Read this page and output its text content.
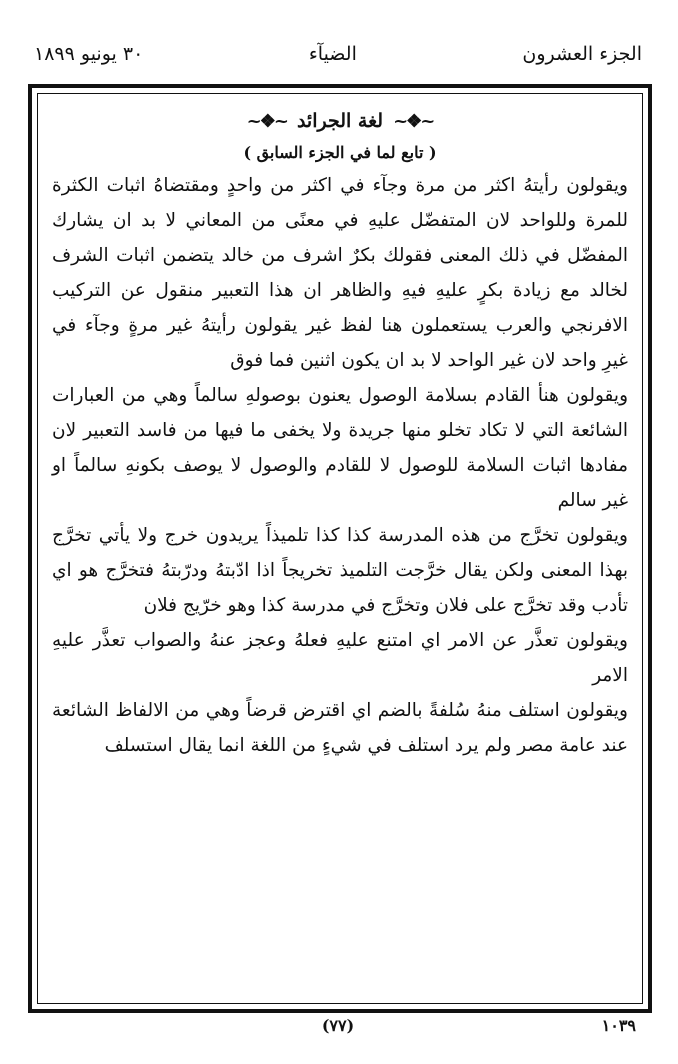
الجزء العشرون
الضيآء
٣٠ يونيو ١٨٩٩
~❖~
لغة الجرائد
~❖~
( تابع لما في الجزء السابق )

ويقولون رأيتهُ اكثر من مرة وجآء في اكثر من واحدٍ ومقتضاهُ اثبات الكثرة للمرة وللواحد لان المتفضّل عليهِ في معنًى من المعاني لا بد ان يشارك المفضّل في ذلك المعنى فقولك بكرٌ اشرف من خالد يتضمن اثبات الشرف لخالد مع زيادة بكرٍ عليهِ فيهِ والظاهر ان هذا التعبير منقول عن التركيب الافرنجي والعرب يستعملون هنا لفظ غير يقولون رأيتهُ غير مرةٍ وجآء في غيرِ واحد لان غير الواحد لا بد ان يكون اثنين فما فوق

ويقولون هنأ القادم بسلامة الوصول يعنون بوصولهِ سالماً وهي من العبارات الشائعة التي لا تكاد تخلو منها جريدة ولا يخفى ما فيها من فاسد التعبير لان مفادها اثبات السلامة للوصول لا للقادم والوصول لا يوصف بكونهِ سالماً او غير سالم

ويقولون تخرَّج من هذه المدرسة كذا كذا تلميذاً يريدون خرج ولا يأتي تخرَّج بهذا المعنى ولكن يقال خرَّجت التلميذ تخريجاً اذا ادّبتهُ ودرّبتهُ فتخرَّج هو اي تأدب وقد تخرَّج على فلان وتخرَّج في مدرسة كذا وهو خرّيج فلان

ويقولون تعذَّر عن الامر اي امتنع عليهِ فعلهُ وعجز عنهُ والصواب تعذَّر عليهِ الامر

ويقولون استلف منهُ سُلفةً بالضم اي اقترض قرضاً وهي من الالفاظ الشائعة عند عامة مصر ولم يرد استلف في شيءٍ من اللغة انما يقال استسلف

(٧٧)	١٠٣٩
